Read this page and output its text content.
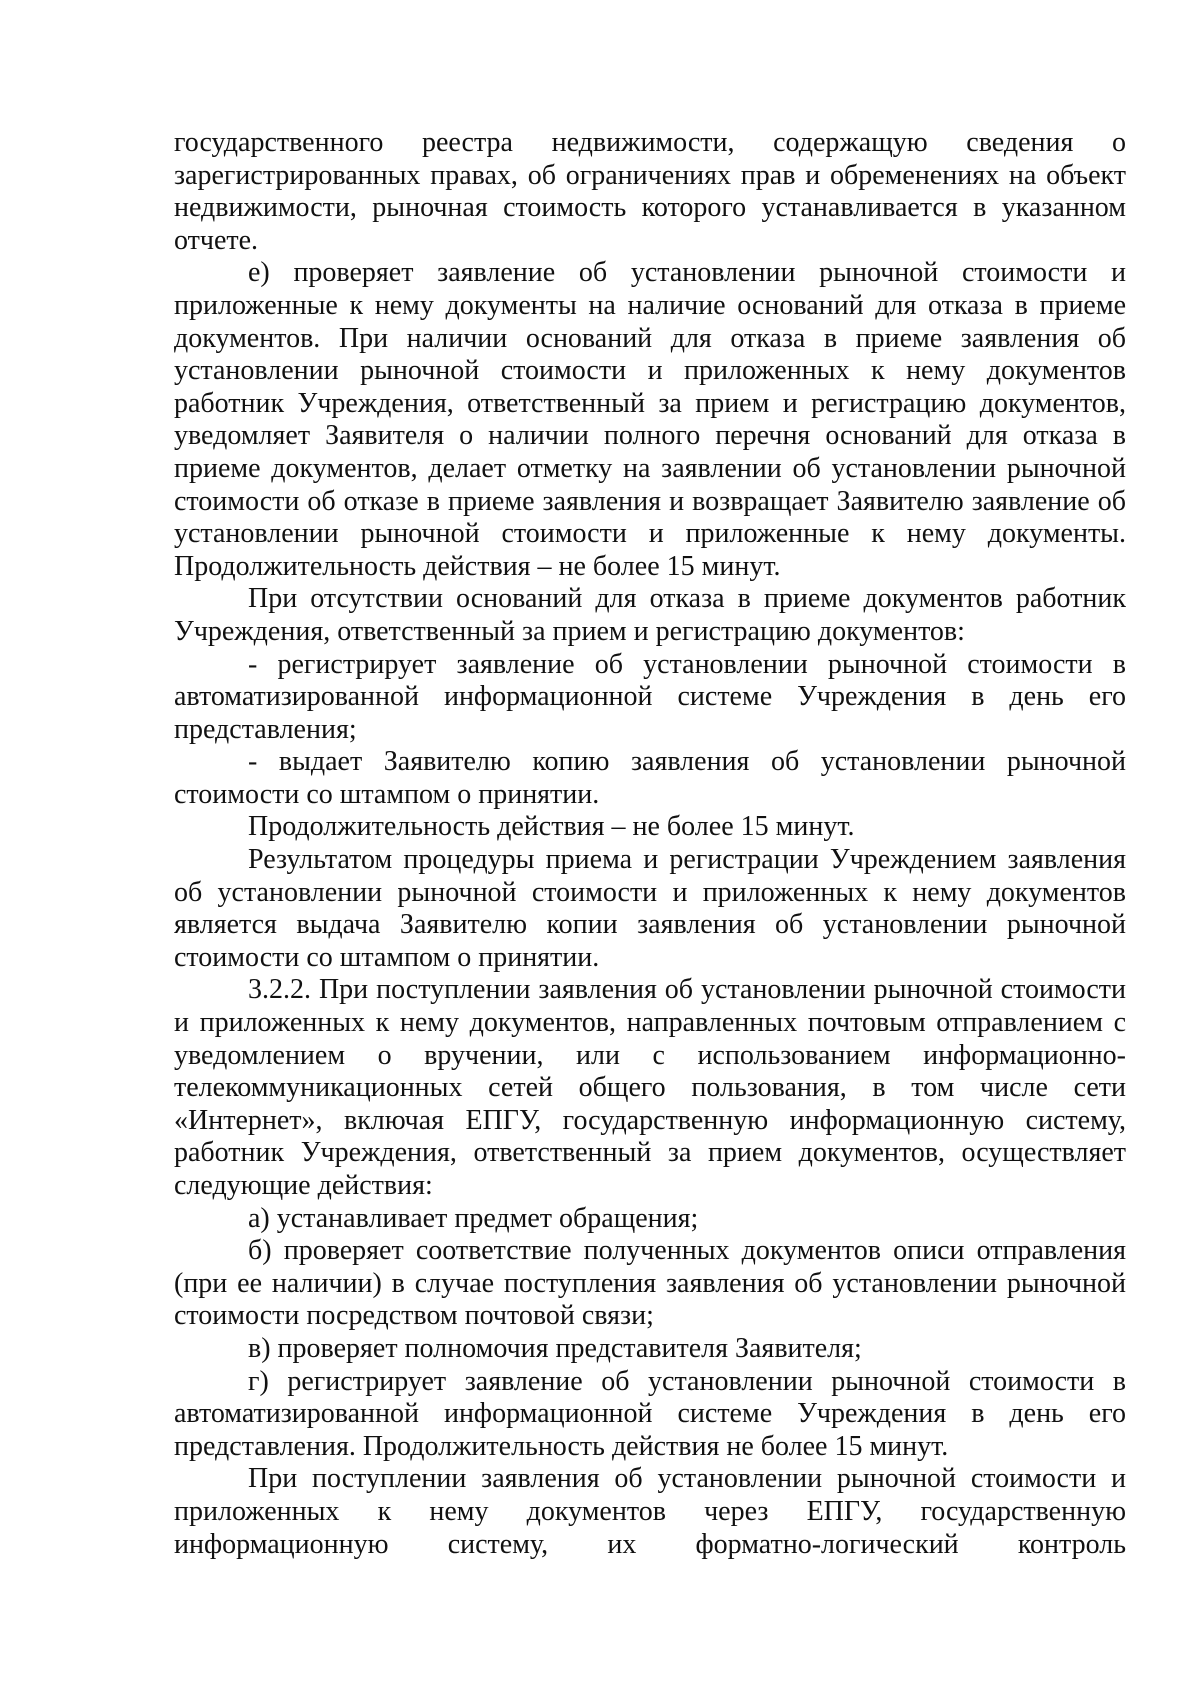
государственного реестра недвижимости, содержащую сведения о зарегистрированных правах, об ограничениях прав и обременениях на объект недвижимости, рыночная стоимость которого устанавливается в указанном отчете.

е) проверяет заявление об установлении рыночной стоимости и приложенные к нему документы на наличие оснований для отказа в приеме документов. При наличии оснований для отказа в приеме заявления об установлении рыночной стоимости и приложенных к нему документов работник Учреждения, ответственный за прием и регистрацию документов, уведомляет Заявителя о наличии полного перечня оснований для отказа в приеме документов, делает отметку на заявлении об установлении рыночной стоимости об отказе в приеме заявления и возвращает Заявителю заявление об установлении рыночной стоимости и приложенные к нему документы. Продолжительность действия – не более 15 минут.

При отсутствии оснований для отказа в приеме документов работник Учреждения, ответственный за прием и регистрацию документов:

- регистрирует заявление об установлении рыночной стоимости в автоматизированной информационной системе Учреждения в день его представления;

- выдает Заявителю копию заявления об установлении рыночной стоимости со штампом о принятии.

Продолжительность действия – не более 15 минут.

Результатом процедуры приема и регистрации Учреждением заявления об установлении рыночной стоимости и приложенных к нему документов является выдача Заявителю копии заявления об установлении рыночной стоимости со штампом о принятии.

3.2.2. При поступлении заявления об установлении рыночной стоимости и приложенных к нему документов, направленных почтовым отправлением с уведомлением о вручении, или с использованием информационно-телекоммуникационных сетей общего пользования, в том числе сети «Интернет», включая ЕПГУ, государственную информационную систему, работник Учреждения, ответственный за прием документов, осуществляет следующие действия:

а) устанавливает предмет обращения;

б) проверяет соответствие полученных документов описи отправления (при ее наличии) в случае поступления заявления об установлении рыночной стоимости посредством почтовой связи;

в) проверяет полномочия представителя Заявителя;

г) регистрирует заявление об установлении рыночной стоимости в автоматизированной информационной системе Учреждения в день его представления. Продолжительность действия не более 15 минут.

При поступлении заявления об установлении рыночной стоимости и приложенных к нему документов через ЕПГУ, государственную информационную систему, их форматно-логический контроль
